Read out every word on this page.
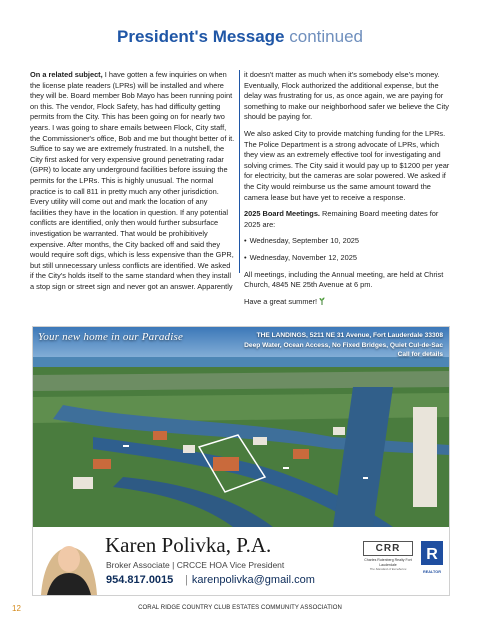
President's Message continued

On a related subject, I have gotten a few inquiries on when the license plate readers (LPRs) will be installed and where they will be. Board member Bob Mayo has been running point on this. The vendor, Flock Safety, has had difficulty getting permits from the City. This has been going on for nearly two years. I was going to share emails between Flock, City staff, the Commissioner's office, Bob and me but thought better of it. Suffice to say we are extremely frustrated. In a nutshell, the City first asked for very expensive ground penetrating radar (GPR) to locate any underground facilities before issuing the permits for the LPRs. This is highly unusual. The normal practice is to call 811 in pretty much any other jurisdiction. Every utility will come out and mark the location of any facilities they have in the location in question. If any potential conflicts are identified, only then would further subsurface investigation be warranted. That would be prohibitively expensive. After months, the City backed off and said they would require soft digs, which is less expensive than the GPR, but still unnecessary unless conflicts are identified. We asked if the City's holds itself to the same standard when they install a stop sign or street sign and never got an answer. Apparently

it doesn't matter as much when it's somebody else's money. Eventually, Flock authorized the additional expense, but the delay was frustrating for us, as once again, we are paying for something to make our neighborhood safer we believe the City should be paying for.

We also asked City to provide matching funding for the LPRs. The Police Department is a strong advocate of LPRs, which they view as an extremely effective tool for investigating and solving crimes. The City said it would pay up to $1200 per year for electricity, but the cameras are solar powered. We asked if the City would reimburse us the same amount toward the camera lease but have yet to receive a response.

2025 Board Meetings. Remaining Board meeting dates for 2025 are:

• Wednesday, September 10, 2025
• Wednesday, November 12, 2025

All meetings, including the Annual meeting, are held at Christ Church, 4845 NE 25th Avenue at 6 pm.

Have a great summer!

Your new home in our Paradise	THE LANDINGS, 5211 NE 31 Avenue, Fort Lauderdale 33308
Deep Water, Ocean Access, No Fixed Bridges, Quiet Cul-de-Sac
Call for details
Karen Polivka, P.A.
Broker Associate | CRCCE HOA Vice President
954.817.0015	| karenpolivka@gmail.com
CRR
Charles Rutenberg Realty Fort Lauderdale
The Standard of Excellence
R
REALTOR
12	CORAL RIDGE COUNTRY CLUB ESTATES COMMUNITY ASSOCIATION
